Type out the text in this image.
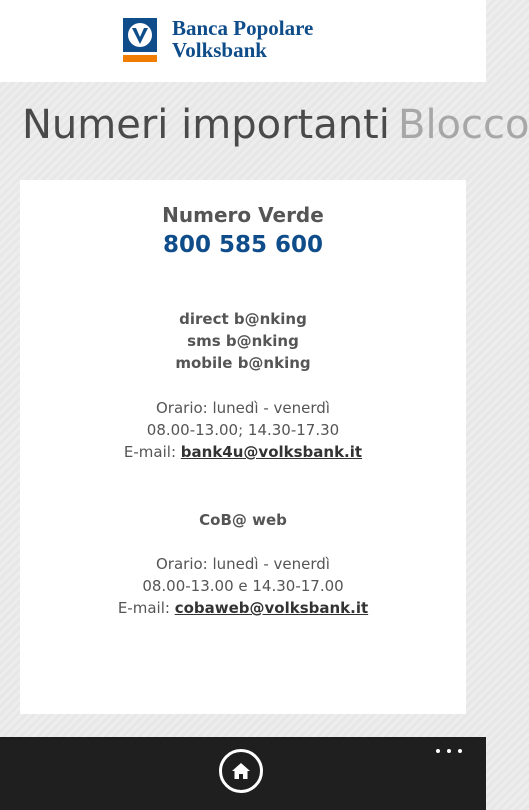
Banca Popolare
Volksbank
Numeri importanti Blocco
Numero Verde
800 585 600
direct b@nking
sms b@nking
mobile b@nking
Orario: lunedì - venerdì
08.00-13.00; 14.30-17.30
E-mail: bank4u@volksbank.it
CoB@ web
Orario: lunedì - venerdì
08.00-13.00 e 14.30-17.00
E-mail: cobaweb@volksbank.it
